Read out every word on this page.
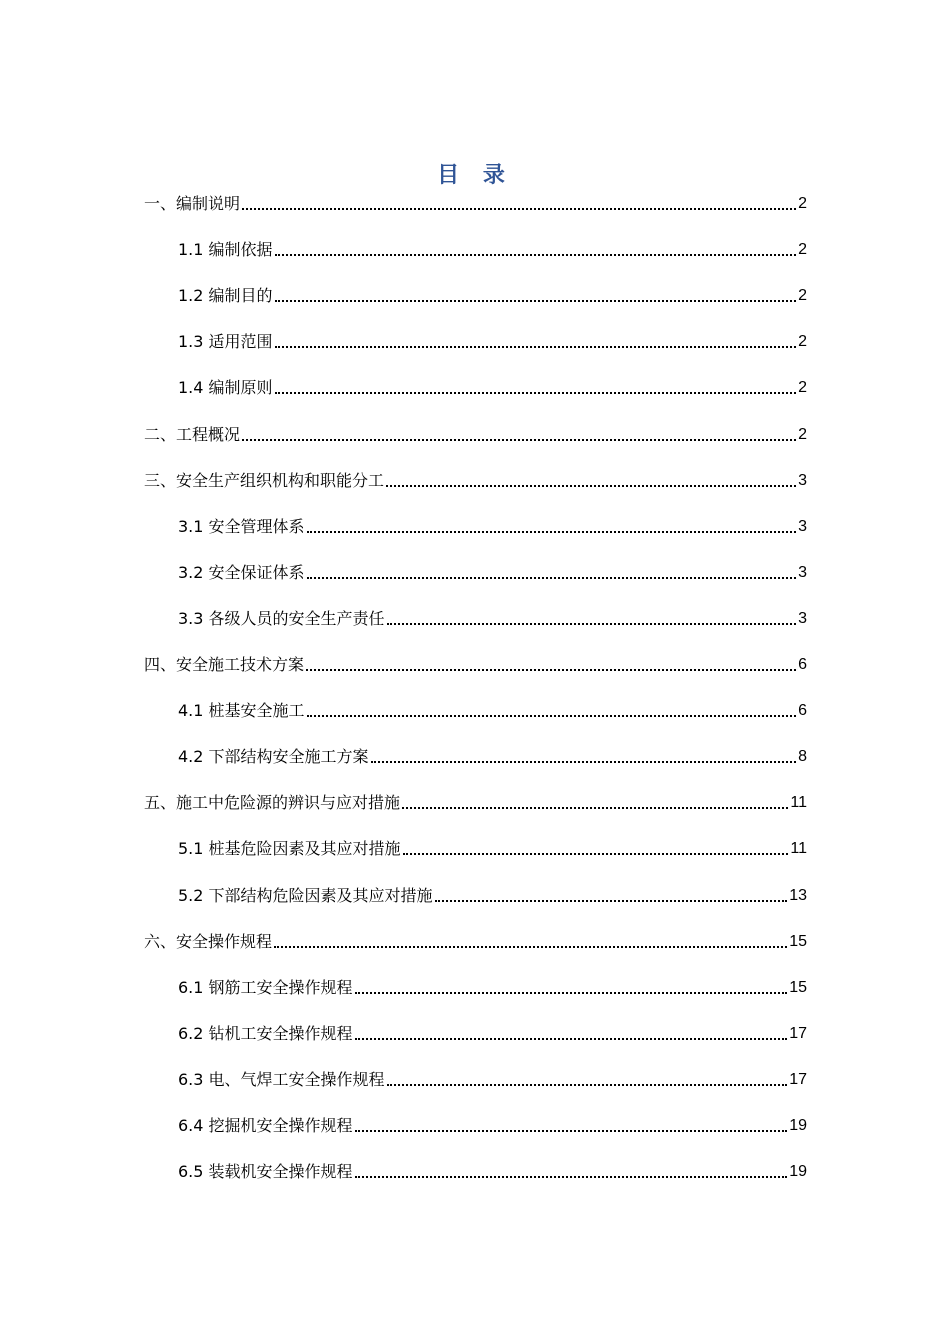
目 录
一、编制说明	2
1.1 编制依据	2
1.2 编制目的	2
1.3 适用范围	2
1.4 编制原则	2
二、工程概况	2
三、安全生产组织机构和职能分工	3
3.1 安全管理体系	3
3.2 安全保证体系	3
3.3 各级人员的安全生产责任	3
四、安全施工技术方案	6
4.1 桩基安全施工	6
4.2 下部结构安全施工方案	8
五、施工中危险源的辨识与应对措施	11
5.1 桩基危险因素及其应对措施	11
5.2 下部结构危险因素及其应对措施	13
六、安全操作规程	15
6.1 钢筋工安全操作规程	15
6.2 钻机工安全操作规程	17
6.3 电、气焊工安全操作规程	17
6.4 挖掘机安全操作规程	19
6.5 装载机安全操作规程	19
